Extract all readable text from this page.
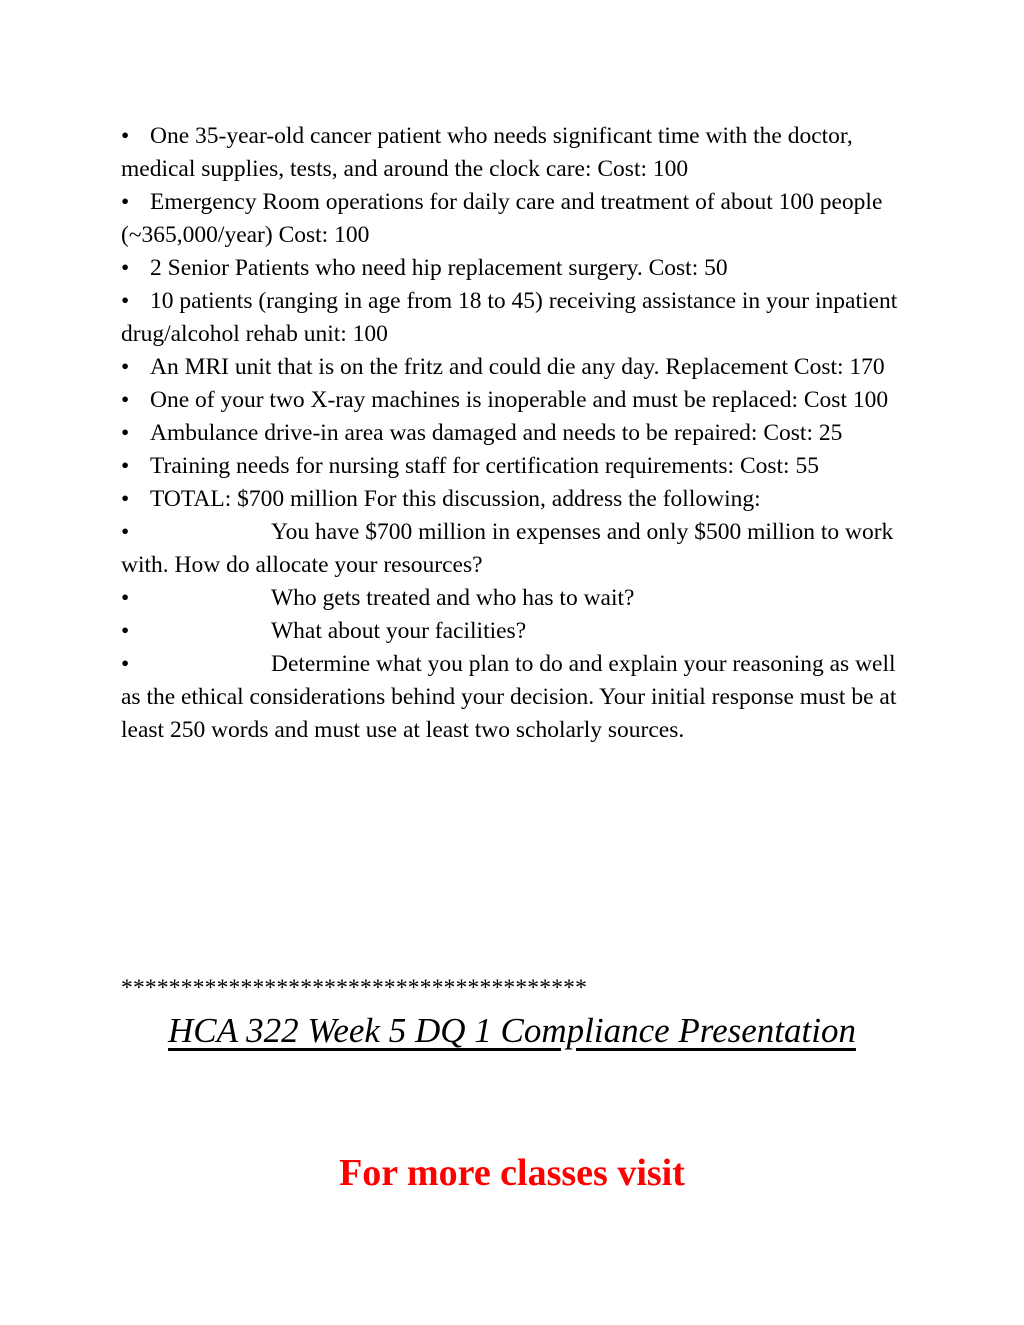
• One 35-year-old cancer patient who needs significant time with the doctor, medical supplies, tests, and around the clock care: Cost: 100

• Emergency Room operations for daily care and treatment of about 100 people (~365,000/year) Cost: 100

• 2 Senior Patients who need hip replacement surgery. Cost: 50

• 10 patients (ranging in age from 18 to 45) receiving assistance in your inpatient drug/alcohol rehab unit: 100

• An MRI unit that is on the fritz and could die any day. Replacement Cost: 170

• One of your two X-ray machines is inoperable and must be replaced: Cost 100

• Ambulance drive-in area was damaged and needs to be repaired: Cost: 25

• Training needs for nursing staff for certification requirements: Cost: 55

• TOTAL: $700 million For this discussion, address the following:

•	You have $700 million in expenses and only $500 million to work with. How do allocate your resources?

•	Who gets treated and who has to wait?

•	What about your facilities?

•	Determine what you plan to do and explain your reasoning as well as the ethical considerations behind your decision. Your initial response must be at least 250 words and must use at least two scholarly sources.

***************************************
HCA 322 Week 5 DQ 1 Compliance Presentation
For more classes visit
